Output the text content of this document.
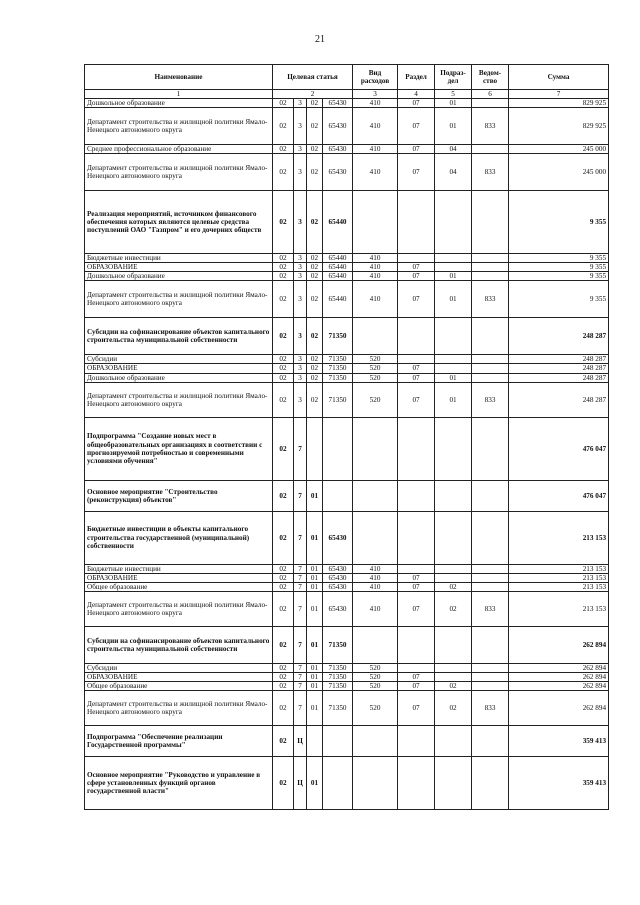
21
Наименование	Целевая статья				Вид расходов	Раздел	Подраз-дел	Ведом-ство	Сумма
1	2				3	4	5	6	7
Дошкольное образование	02	3	02	65430	410	07	01		829 925
Департамент строительства и жилищной политики Ямало-Ненецкого автономного округа	02	3	02	65430	410	07	01	833	829 925
Среднее профессиональное образование	02	3	02	65430	410	07	04		245 000
Департамент строительства и жилищной политики Ямало-Ненецкого автономного округа	02	3	02	65430	410	07	04	833	245 000
Реализация мероприятий, источником финансового обеспечения которых являются целевые средства поступлений ОАО "Газпром" и его дочерних обществ	02	3	02	65440					9 355
Бюджетные инвестиции	02	3	02	65440	410				9 355
ОБРАЗОВАНИЕ	02	3	02	65440	410	07			9 355
Дошкольное образование	02	3	02	65440	410	07	01		9 355
Департамент строительства и жилищной политики Ямало-Ненецкого автономного округа	02	3	02	65440	410	07	01	833	9 355
Субсидии на софинансирование объектов капитального строительства муниципальной собственности	02	3	02	71350					248 287
Субсидии	02	3	02	71350	520				248 287
ОБРАЗОВАНИЕ	02	3	02	71350	520	07			248 287
Дошкольное образование	02	3	02	71350	520	07	01		248 287
Департамент строительства и жилищной политики Ямало-Ненецкого автономного округа	02	3	02	71350	520	07	01	833	248 287
Подпрограмма "Создание новых мест в общеобразовательных организациях в соответствии с прогнозируемой потребностью и современными условиями обучения"	02	7							476 047
Основное мероприятие "Строительство (реконструкция) объектов"	02	7	01						476 047
Бюджетные инвестиции в объекты капитального строительства государственной (муниципальной) собственности	02	7	01	65430					213 153
Бюджетные инвестиции	02	7	01	65430	410				213 153
ОБРАЗОВАНИЕ	02	7	01	65430	410	07			213 153
Общее образование	02	7	01	65430	410	07	02		213 153
Департамент строительства и жилищной политики Ямало-Ненецкого автономного округа	02	7	01	65430	410	07	02	833	213 153
Субсидии на софинансирование объектов капитального строительства муниципальной собственности	02	7	01	71350					262 894
Субсидии	02	7	01	71350	520				262 894
ОБРАЗОВАНИЕ	02	7	01	71350	520	07			262 894
Общее образование	02	7	01	71350	520	07	02		262 894
Департамент строительства и жилищной политики Ямало-Ненецкого автономного округа	02	7	01	71350	520	07	02	833	262 894
Подпрограмма "Обеспечение реализации Государственной программы"	02	Ц							359 413
Основное мероприятие "Руководство и управление в сфере установленных функций органов государственной власти"	02	Ц	01						359 413
